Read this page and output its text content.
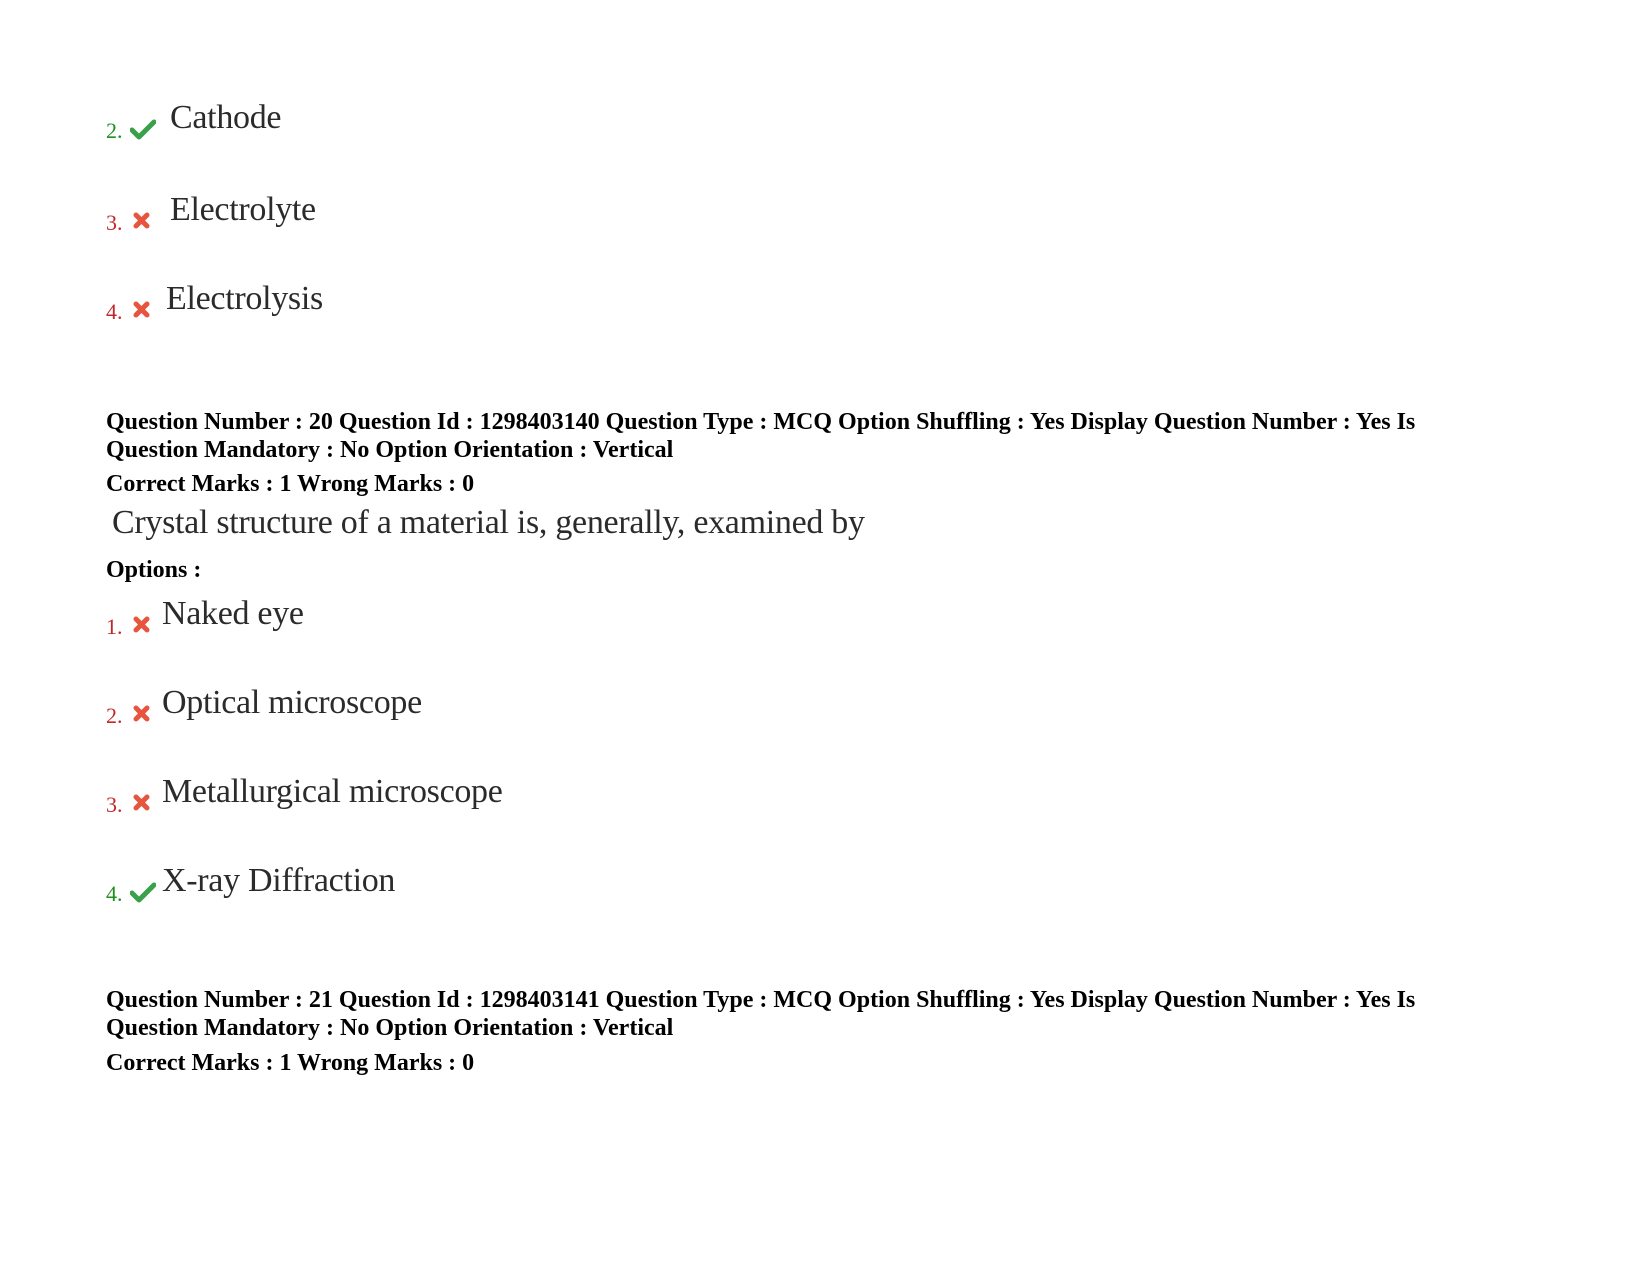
2. Cathode
3. Electrolyte
4. Electrolysis
Question Number : 20 Question Id : 1298403140 Question Type : MCQ Option Shuffling : Yes Display Question Number : Yes Is
Question Mandatory : No Option Orientation : Vertical
Correct Marks : 1 Wrong Marks : 0
Crystal structure of a material is, generally, examined by
Options :
1. Naked eye
2. Optical microscope
3. Metallurgical microscope
4. X-ray Diffraction
Question Number : 21 Question Id : 1298403141 Question Type : MCQ Option Shuffling : Yes Display Question Number : Yes Is
Question Mandatory : No Option Orientation : Vertical
Correct Marks : 1 Wrong Marks : 0
